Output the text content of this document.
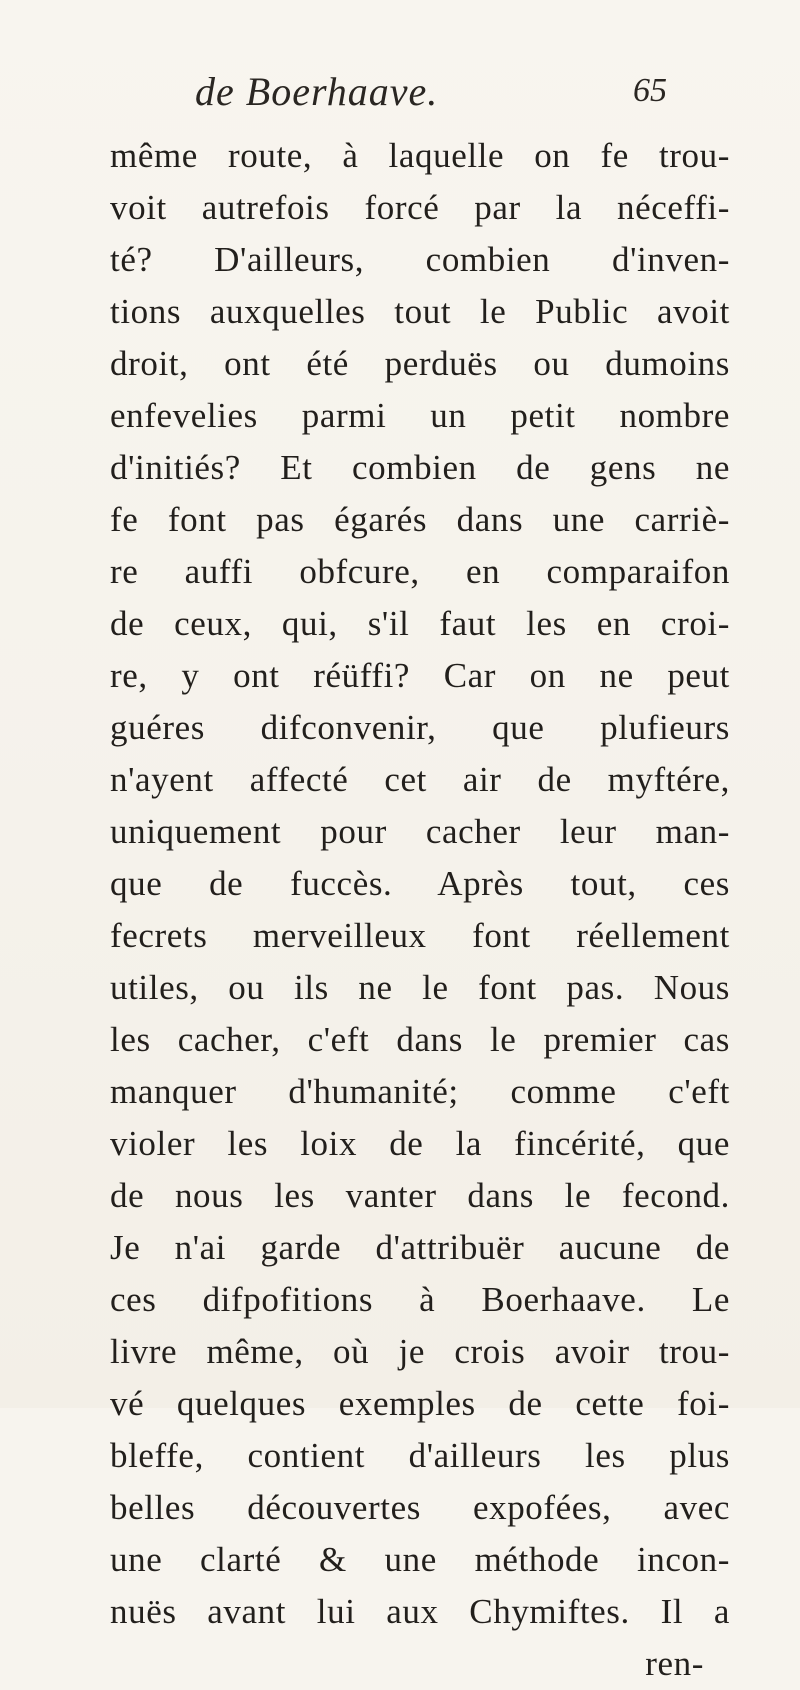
de Boerhaave.	65
même route, à laquelle on fe trou-
voit autrefois forcé par la néceffi-
té? D'ailleurs, combien d'inven-
tions auxquelles tout le Public avoit
droit, ont été perduës ou dumoins
enfevelies parmi un petit nombre
d'initiés? Et combien de gens ne
fe font pas égarés dans une carriè-
re auffi obfcure, en comparaifon
de ceux, qui, s'il faut les en croi-
re, y ont réüffi? Car on ne peut
guéres difconvenir, que plufieurs
n'ayent affecté cet air de myftére,
uniquement pour cacher leur man-
que de fuccès. Après tout, ces
fecrets merveilleux font réellement
utiles, ou ils ne le font pas. Nous
les cacher, c'eft dans le premier cas
manquer d'humanité; comme c'eft
violer les loix de la fincérité, que
de nous les vanter dans le fecond.
Je n'ai garde d'attribuër aucune de
ces difpofitions à Boerhaave. Le
livre même, où je crois avoir trou-
vé quelques exemples de cette foi-
bleffe, contient d'ailleurs les plus
belles découvertes expofées, avec
une clarté & une méthode incon-
nuës avant lui aux Chymiftes. Il a
ren-
